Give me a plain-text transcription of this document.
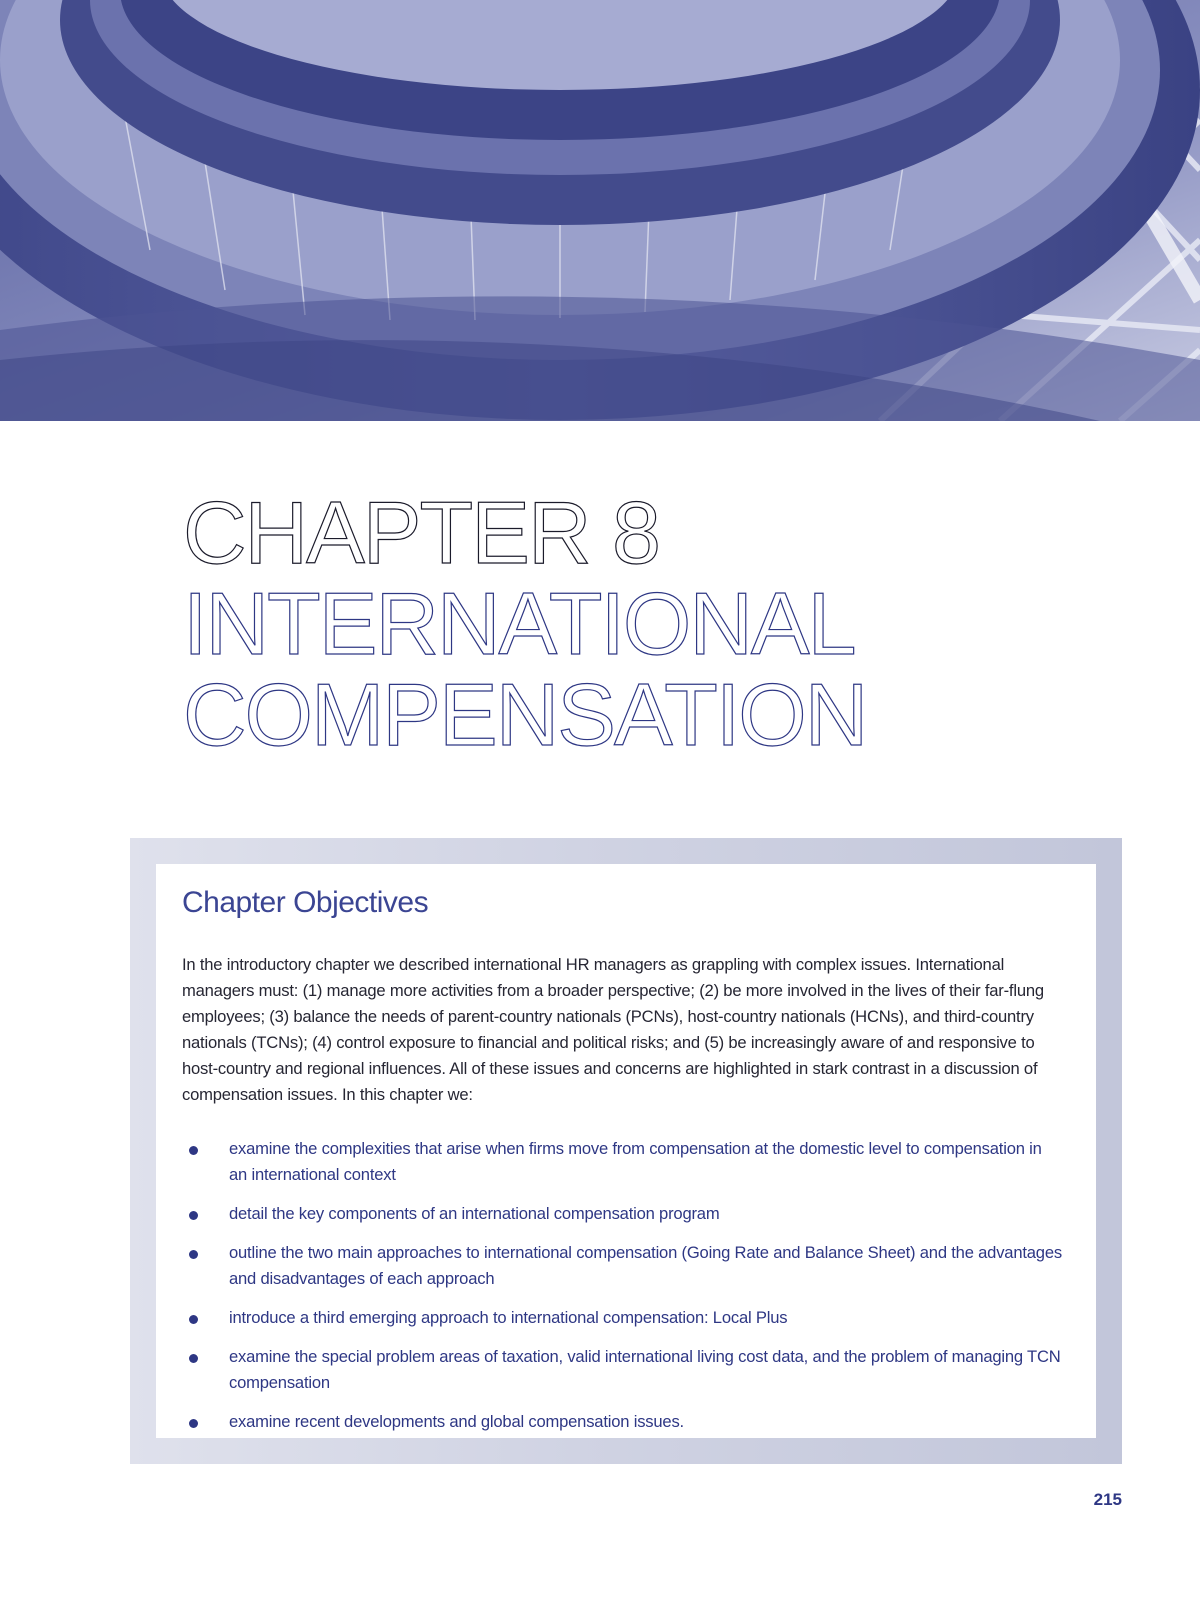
CHAPTER 8
INTERNATIONAL
COMPENSATION
Chapter Objectives
In the introductory chapter we described international HR managers as grappling with complex issues. International managers must: (1) manage more activities from a broader perspective; (2) be more involved in the lives of their far-flung employees; (3) balance the needs of parent-country nationals (PCNs), host-country nationals (HCNs), and third-country nationals (TCNs); (4) control exposure to financial and political risks; and (5) be increasingly aware of and responsive to host-country and regional influences. All of these issues and concerns are highlighted in stark contrast in a discussion of compensation issues. In this chapter we:
examine the complexities that arise when firms move from compensation at the domestic level to compensation in an international context
detail the key components of an international compensation program
outline the two main approaches to international compensation (Going Rate and Balance Sheet) and the advantages and disadvantages of each approach
introduce a third emerging approach to international compensation: Local Plus
examine the special problem areas of taxation, valid international living cost data, and the problem of managing TCN compensation
examine recent developments and global compensation issues.
215
